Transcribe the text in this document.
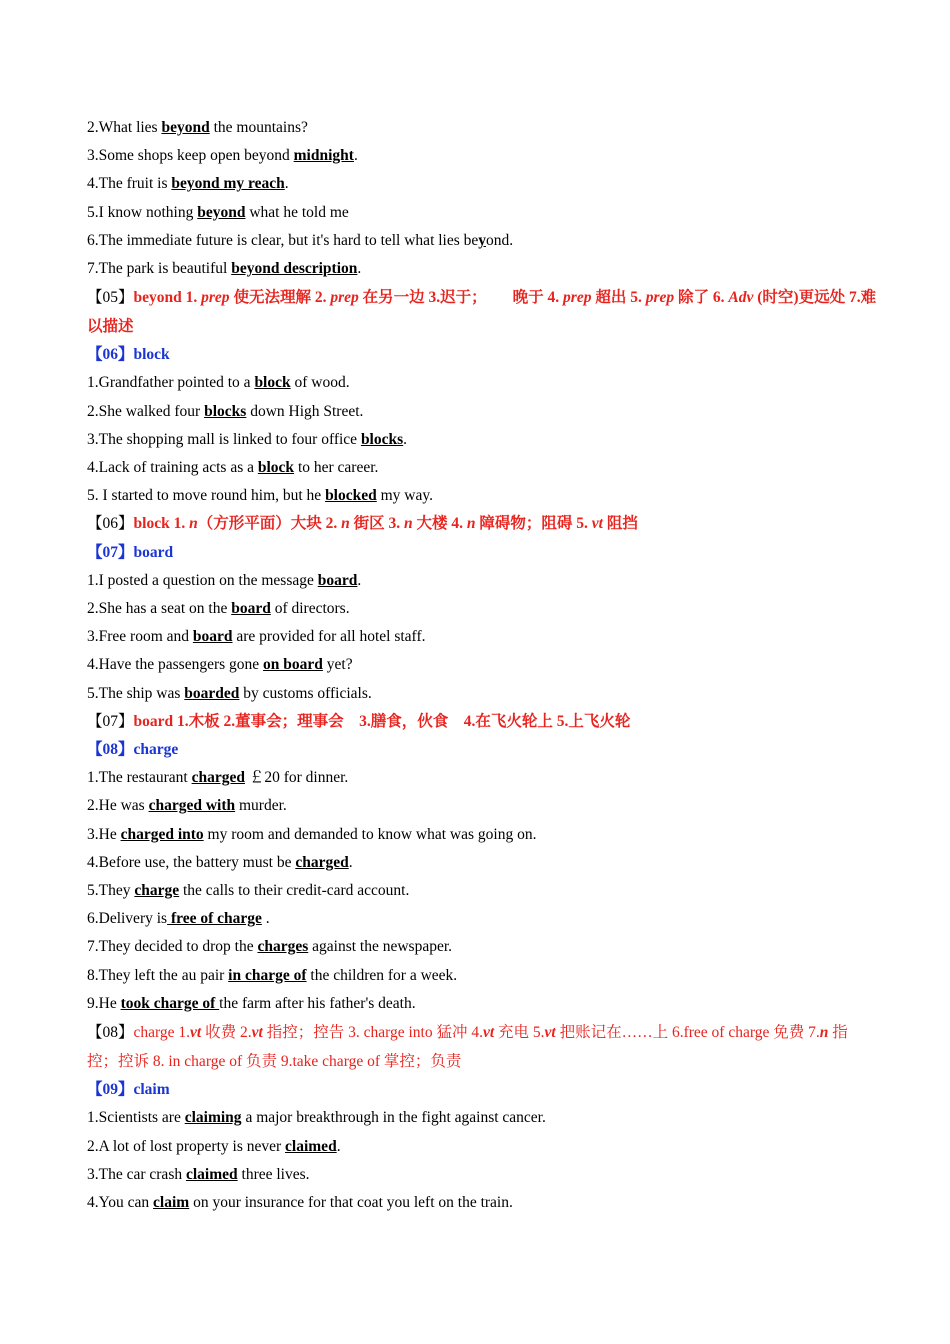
2.What lies beyond the mountains?
3.Some shops keep open beyond midnight.
4.The fruit is beyond my reach.
5.I know nothing beyond what he told me
6.The immediate future is clear, but it's hard to tell what lies beyond.
7.The park is beautiful beyond description.
【05】beyond 1. prep 使无法理解 2. prep 在另一边 3.迟于； 晚于 4. prep 超出 5. prep 除了 6. Adv (时空)更远处 7.难以描述
【06】block
1.Grandfather pointed to a block of wood.
2.She walked four blocks down High Street.
3.The shopping mall is linked to four office blocks.
4.Lack of training acts as a block to her career.
5. I started to move round him, but he blocked my way.
【06】block 1. n（方形平面）大块 2. n 街区 3. n 大楼 4. n 障碍物；阻碍 5. vt 阻挡
【07】board
1.I posted a question on the message board.
2.She has a seat on the board of directors.
3.Free room and board are provided for all hotel staff.
4.Have the passengers gone on board yet?
5.The ship was boarded by customs officials.
【07】board 1.木板 2.董事会；理事会　3.膳食，伙食　4.在飞火轮上 5.上飞火轮
【08】charge
1.The restaurant charged ￡20 for dinner.
2.He was charged with murder.
3.He charged into my room and demanded to know what was going on.
4.Before use, the battery must be charged.
5.They charge the calls to their credit-card account.
6.Delivery is free of charge .
7.They decided to drop the charges against the newspaper.
8.They left the au pair in charge of the children for a week.
9.He took charge of the farm after his father's death.
【08】charge 1.vt 收费 2.vt 指控；控告 3. charge into 猛冲 4.vt 充电 5.vt 把账记在……上 6.free of charge 免费 7.n 指控；控诉 8. in charge of 负责 9.take charge of 掌控；负责
【09】claim
1.Scientists are claiming a major breakthrough in the fight against cancer.
2.A lot of lost property is never claimed.
3.The car crash claimed three lives.
4.You can claim on your insurance for that coat you left on the train.
